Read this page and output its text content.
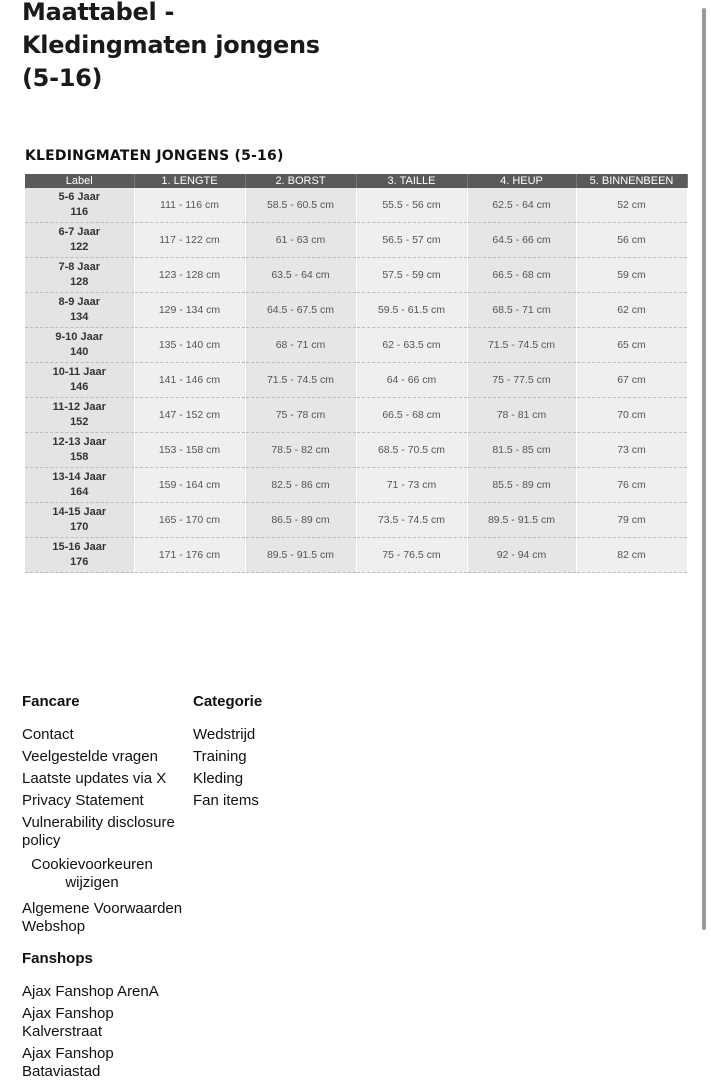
Maattabel -
Kledingmaten jongens
(5-16)
KLEDINGMATEN JONGENS (5-16)
Label	1. LENGTE	2. BORST	3. TAILLE	4. HEUP	5. BINNENBEEN

5-6 Jaar
116	111 - 116 cm	58.5 - 60.5 cm	55.5 - 56 cm	62.5 - 64 cm	52 cm

6-7 Jaar
122	117 - 122 cm	61 - 63 cm	56.5 - 57 cm	64.5 - 66 cm	56 cm

7-8 Jaar
128	123 - 128 cm	63.5 - 64 cm	57.5 - 59 cm	66.5 - 68 cm	59 cm

8-9 Jaar
134	129 - 134 cm	64.5 - 67.5 cm	59.5 - 61.5 cm	68.5 - 71 cm	62 cm

9-10 Jaar
140	135 - 140 cm	68 - 71 cm	62 - 63.5 cm	71.5 - 74.5 cm	65 cm

10-11 Jaar
146	141 - 146 cm	71.5 - 74.5 cm	64 - 66 cm	75 - 77.5 cm	67 cm

11-12 Jaar
152	147 - 152 cm	75 - 78 cm	66.5 - 68 cm	78 - 81 cm	70 cm

12-13 Jaar
158	153 - 158 cm	78.5 - 82 cm	68.5 - 70.5 cm	81.5 - 85 cm	73 cm

13-14 Jaar
164	159 - 164 cm	82.5 - 86 cm	71 - 73 cm	85.5 - 89 cm	76 cm

14-15 Jaar
170	165 - 170 cm	86.5 - 89 cm	73.5 - 74.5 cm	89.5 - 91.5 cm	79 cm

15-16 Jaar
176	171 - 176 cm	89.5 - 91.5 cm	75 - 76.5 cm	92 - 94 cm	82 cm
Fancare
Contact
Veelgestelde vragen
Laatste updates via X
Privacy Statement
Vulnerability disclosure policy
Cookievoorkeuren wijzigen
Algemene Voorwaarden Webshop
Categorie
Wedstrijd
Training
Kleding
Fan items
Fanshops
Ajax Fanshop ArenA
Ajax Fanshop Kalverstraat
Ajax Fanshop Bataviastad
